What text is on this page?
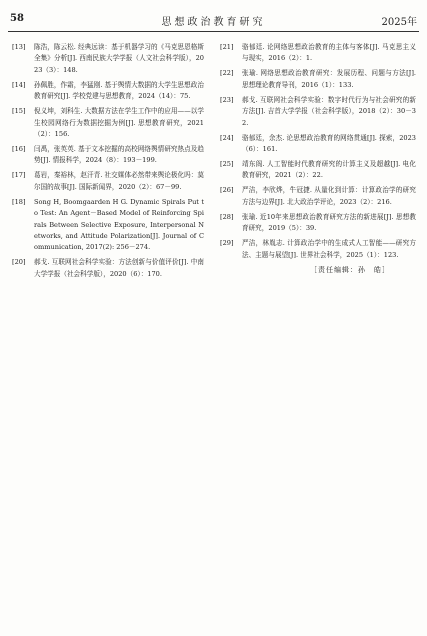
58	思想政治教育研究	2025年
[13]	陈浩，陈云松. 经典远读：基于机器学习的《马克思恩格斯全集》分析[J]. 西南民族大学学报（人文社会科学版），2023（3）：148.
[14]	孙佩胜，作霜，李猛刚. 基于舆情大数据的大学生思想政治教育研究[J]. 学校党建与思想教育，2024（14）：75.
[15]	倪义坤，刘科生. 大数据方法在学生工作中的应用——以学生校园网络行为数据挖掘为例[J]. 思想教育研究，2021（2）：156.
[16]	闫禹，张英英. 基于文本挖掘的高校网络舆情研究热点及趋势[J]. 情报科学，2024（8）：193－199.
[17]	葛岩，秦裕林，赵汗青. 社交媒体必然带来舆论极化吗：莫尔国的故事[J]. 国际新闻界，2020（2）：67－99.
[18]	Song H, Boomgaarden H G. Dynamic Spirals Put to Test: An Agent－Based Model of Reinforcing Spirals Between Selective Exposure, Interpersonal Networks, and Attitude Polarization[J]. Journal of Communication, 2017(2): 256－274.
[20]	郝戈. 互联网社会科学实验：方法创新与价值评价[J]. 中南大学学报（社会科学版），2020（6）：170.
[21]	骆郁廷. 论网络思想政治教育的主体与客体[J]. 马克思主义与现实，2016（2）：1.
[22]	张瑜. 网络思想政治教育研究：发展历程、问题与方法[J]. 思想理论教育导刊，2016（1）：133.
[23]	郝戈. 互联网社会科学实验：数字时代行为与社会研究的新方法[J]. 吉首大学学报（社会科学版），2018（2）：30－32.
[24]	骆郁廷，余杰. 论思想政治教育的网络贯通[J]. 探索，2023（6）：161.
[25]	靖东阁. 人工智能时代教育研究的计算主义及超越[J]. 电化教育研究，2021（2）：22.
[26]	严洁，李欣烨，牛冠捷. 从量化到计算：计算政治学的研究方法与边界[J]. 北大政治学评论，2023（2）：216.
[28]	张瑜. 近10年来思想政治教育研究方法的新进展[J]. 思想教育研究，2019（5）：39.
[29]	严洁，林胤志. 计算政治学中的生成式人工智能——研究方法、主题与展望[J]. 世界社会科学，2025（1）：123.
［责任编辑：孙　皓］
